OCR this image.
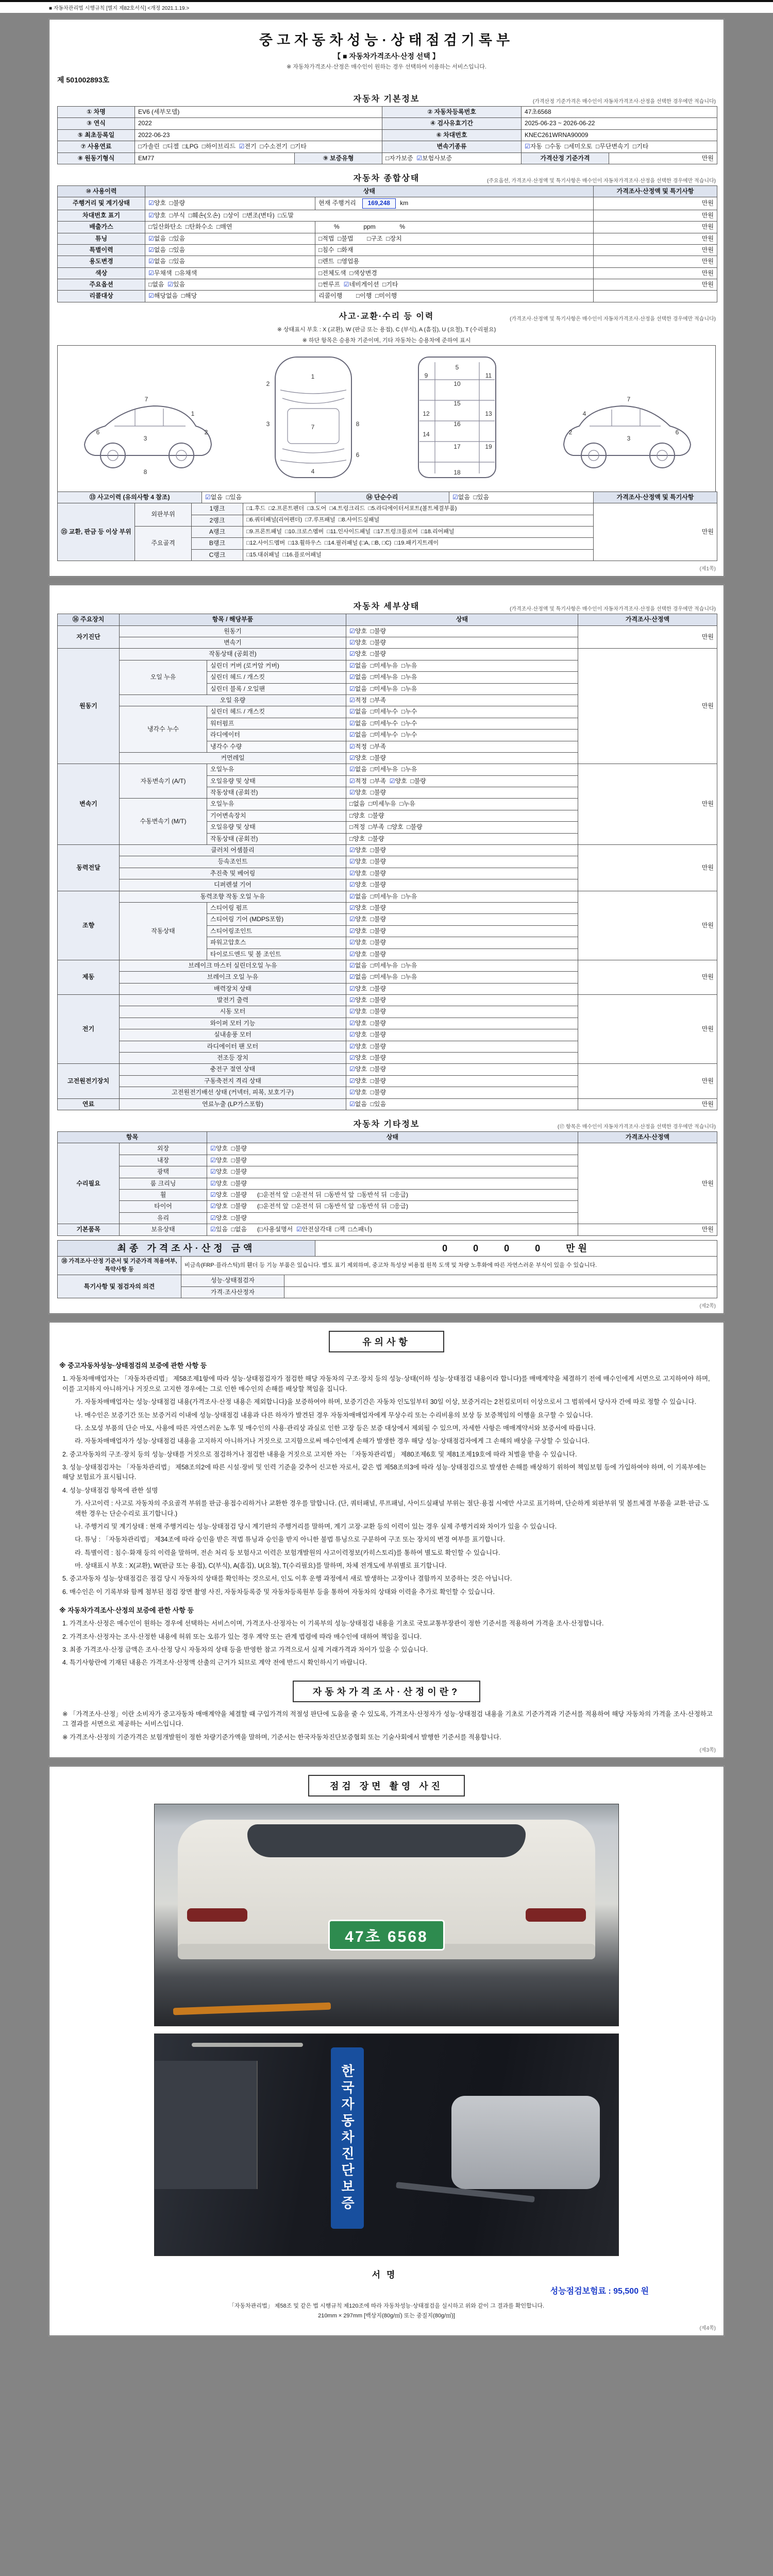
■ 자동차관리법 시행규칙 [별지 제82호서식] <개정 2021.1.19.>
중고자동차성능·상태점검기록부
【 ■ 자동차가격조사·산정 선택 】
※ 자동차가격조사·산정은 매수인이 원하는 경우 선택하여 이용하는 서비스입니다.
제 501002893호
자동차 기본정보	(가격산정 기준가격은 매수인이 자동차가격조사·산정을 선택한 경우에만 적습니다)
① 차명	EV6 (세부모델)		② 자동차등록번호	47초6568	
③ 연식	2022		④ 검사유효기간	2025-06-23 ~ 2026-06-22	
⑤ 최초등록일	2022-06-23		⑥ 차대번호	KNEC261WRNA90009	
⑦ 사용연료	□가솔린  □디젤  □LPG  □하이브리드  ☑전기  □수소전기  □기타		변속기종류	☑자동  □수동  □세미오토  □무단변속기  □기타	
⑧ 원동기형식	EM77	⑨ 보증유형	□자가보증  ☑보험사보증	가격산정 기준가격	만원
자동차 종합상태	(주요옵션, 가격조사·산정액 및 특기사항은 매수인이 자동차가격조사·산정을 선택한 경우에만 적습니다)
⑩ 사용이력	상태		가격조사·산정액 및 특기사항
주행거리 및 계기상태	☑양호  □불량	현재 주행거리  169,248 km	만원
차대번호 표기	☑양호  □부식  □훼손(오손)  □상이  □변조(변타)  □도말		만원
배출가스	□일산화탄소  □탄화수소  □매연	%              ppm              %	만원
튜닝	☑없음  □있음	□적법  □불법        □구조  □장치	만원
특별이력	☑없음  □있음	□침수  □화재	만원
용도변경	☑없음  □있음	□렌트  □영업용	만원
색상	☑무채색  □유채색	□전체도색  □색상변경	만원
주요옵션	□없음  ☑있음	□썬루프  ☑네비게이션  □기타	만원
리콜대상	☑해당없음  □해당	리콜이행        □이행  □미이행	
사고·교환·수리 등 이력	(가격조사·산정액 및 특기사항은 매수인이 자동차가격조사·산정을 선택한 경우에만 적습니다)
※ 상태표시 부호 : X (교환), W (판금 또는 용접), C (부식), A (흠집), U (요철), T (수리필요)
※ 하단 항목은 승용차 기준이며, 기타 자동차는 승용차에 준하여 표시
1
2
3
6
7
8
1
2
3	7
4
6
8
5
9
10
11
15
12	13
14
16
17	19
18
2
3
7
6
4
⑬ 사고이력 (유의사항 4 참조)	☑없음  □있음	⑭ 단순수리	☑없음  □있음	가격조사·산정액 및 특기사항
⑮ 교환, 판금 등 이상 부위	외판부위	1랭크	□1.후드  □2.프론트펜더  □3.도어  □4.트렁크리드  □5.라디에이터서포트(볼트체결부품)	만원
		2랭크	□6.쿼터패널(리어펜더)  □7.루프패널  □8.사이드실패널	
	주요골격	A랭크	□9.프론트패널  □10.크로스멤버  □11.인사이드패널  □17.트렁크플로어  □18.리어패널	
		B랭크	□12.사이드멤버  □13.휠하우스  □14.필러패널 (□A, □B, □C)  □19.패키지트레이	
		C랭크	□15.대쉬패널  □16.플로어패널	
(제1쪽)
자동차 세부상태	(가격조사·산정액 및 특기사항은 매수인이 자동차가격조사·산정을 선택한 경우에만 적습니다)
⑯ 주요장치	항목 / 해당부품		상태	가격조사·산정액
자기진단	원동기		☑양호  □불량	만원
	변속기		☑양호  □불량	
원동기	작동상태 (공회전)		☑양호  □불량	만원
	오일 누유	실린더 커버 (로커암 커버)	☑없음  □미세누유  □누유	
		실린더 헤드 / 개스킷	☑없음  □미세누유  □누유	
		실린더 블록 / 오일팬	☑없음  □미세누유  □누유	
	오일 유량		☑적정  □부족	
	냉각수 누수	실린더 헤드 / 개스킷	☑없음  □미세누수  □누수	
		워터펌프	☑없음  □미세누수  □누수	
		라디에이터	☑없음  □미세누수  □누수	
		냉각수 수량	☑적정  □부족	
	커먼레일		☑양호  □불량	
변속기	자동변속기 (A/T)	오일누유	☑없음  □미세누유  □누유	만원
		오일유량 및 상태	☑적정  □부족  ☑양호  □불량	
		작동상태 (공회전)	☑양호  □불량	
	수동변속기 (M/T)	오일누유	□없음  □미세누유  □누유	
		기어변속장치	□양호  □불량	
		오일유량 및 상태	□적정  □부족  □양호  □불량	
		작동상태 (공회전)	□양호  □불량	
동력전달	클러치 어셈블리		☑양호  □불량	만원
	등속조인트		☑양호  □불량	
	추진축 및 베어링		☑양호  □불량	
	디퍼렌셜 기어		☑양호  □불량	
조향	동력조향 작동 오일 누유		☑없음  □미세누유  □누유	만원
	작동상태	스티어링 펌프	☑양호  □불량	
		스티어링 기어 (MDPS포함)	☑양호  □불량	
		스티어링조인트	☑양호  □불량	
		파워고압호스	☑양호  □불량	
		타이로드엔드 및 볼 조인트	☑양호  □불량	
제동	브레이크 마스터 실린더오일 누유		☑없음  □미세누유  □누유	만원
	브레이크 오일 누유		☑없음  □미세누유  □누유	
	배력장치 상태		☑양호  □불량	
전기	발전기 출력		☑양호  □불량	만원
	시동 모터		☑양호  □불량	
	와이퍼 모터 기능		☑양호  □불량	
	실내송풍 모터		☑양호  □불량	
	라디에이터 팬 모터		☑양호  □불량	
	전조등 장치		☑양호  □불량	
고전원전기장치	충전구 절연 상태		☑양호  □불량	만원
	구동축전지 격리 상태		☑양호  □불량	
	고전원전기배선 상태 (커넥터, 피복, 보호기구)		☑양호  □불량	
연료	연료누출 (LP가스포함)		☑없음  □있음	만원
자동차 기타정보	(⑰ 항목은 매수인이 자동차가격조사·산정을 선택한 경우에만 적습니다)
항목		상태	가격조사·산정액
수리필요	외장	☑양호  □불량	만원
	내장	☑양호  □불량	
	광택	☑양호  □불량	
	룸 크리닝	☑양호  □불량	
	휠	☑양호  □불량      (□운전석 앞  □운전석 뒤  □동반석 앞  □동반석 뒤  □응급)	
	타이어	☑양호  □불량      (□운전석 앞  □운전석 뒤  □동반석 앞  □동반석 뒤  □응급)	
	유리	☑양호  □불량	
기본품목	보유상태	☑있음  □없음      (□사용설명서  ☑안전삼각대  □잭  □스패너)	만원
최종 가격조사·산정 금액	0    0    0    0    만원
⑱ 가격조사·산정 기준서 및 기준가격 적용여부, 특약사항 등	비금속(FRP·플라스틱)의 휀더 등 기능 부품은 있습니다. 별도 표기 제외하며, 중고차 특성상 비용접 원복 도색 및 차량 노후화에 따른 자연스러운 부식이 있을 수 있습니다.
특기사항 및 점검자의 의견	성능·상태점검자	
	가격·조사산정자	
(제2쪽)
유의사항
※ 중고자동차성능·상태점검의 보증에 관한 사항 등
1. 자동차매매업자는 「자동차관리법」 제58조제1항에 따라 성능·상태점검자가 점검한 해당 자동차의 구조·장치 등의 성능·상태(이하 성능·상태점검 내용이라 합니다)를 매매계약을 체결하기 전에 매수인에게 서면으로 고지하여야 하며, 이를 고지하지 아니하거나 거짓으로 고지한 경우에는 그로 인한 매수인의 손해를 배상할 책임을 집니다.
가. 자동차매매업자는 성능·상태점검 내용(가격조사·산정 내용은 제외합니다)을 보증하여야 하며, 보증기간은 자동차 인도일부터 30일 이상, 보증거리는 2천킬로미터 이상으로서 그 범위에서 당사자 간에 따로 정할 수 있습니다.
나. 매수인은 보증기간 또는 보증거리 이내에 성능·상태점검 내용과 다른 하자가 발견된 경우 자동차매매업자에게 무상수리 또는 수리비용의 보상 등 보증책임의 이행을 요구할 수 있습니다.
다. 소모성 부품의 단순 마모, 사용에 따른 자연스러운 노후 및 매수인의 사용·관리상 과실로 인한 고장 등은 보증 대상에서 제외될 수 있으며, 자세한 사항은 매매계약서와 보증서에 따릅니다.
라. 자동차매매업자가 성능·상태점검 내용을 고지하지 아니하거나 거짓으로 고지함으로써 매수인에게 손해가 발생한 경우 해당 성능·상태점검자에게 그 손해의 배상을 구상할 수 있습니다.
2. 중고자동차의 구조·장치 등의 성능·상태를 거짓으로 점검하거나 점검한 내용을 거짓으로 고지한 자는 「자동차관리법」 제80조제6호 및 제81조제19호에 따라 처벌을 받을 수 있습니다.
3. 성능·상태점검자는 「자동차관리법」 제58조의2에 따른 시설·장비 및 인력 기준을 갖추어 신고한 자로서, 같은 법 제58조의3에 따라 성능·상태점검으로 발생한 손해를 배상하기 위하여 책임보험 등에 가입하여야 하며, 이 기록부에는 해당 보험료가 표시됩니다.
4. 성능·상태점검 항목에 관한 설명
가. 사고이력 : 사고로 자동차의 주요골격 부위를 판금·용접수리하거나 교환한 경우를 말합니다. (단, 쿼터패널, 루프패널, 사이드실패널 부위는 절단·용접 시에만 사고로 표기하며, 단순하게 외판부위 및 볼트체결 부품을 교환·판금·도색한 경우는 단순수리로 표기합니다.)
나. 주행거리 및 계기상태 : 현재 주행거리는 성능·상태점검 당시 계기판의 주행거리를 말하며, 계기 고장·교환 등의 이력이 있는 경우 실제 주행거리와 차이가 있을 수 있습니다.
다. 튜닝 : 「자동차관리법」 제34조에 따라 승인을 받은 적법 튜닝과 승인을 받지 아니한 불법 튜닝으로 구분하여 구조 또는 장치의 변경 여부를 표기합니다.
라. 특별이력 : 침수·화재 등의 이력을 말하며, 전손 처리 등 보험사고 이력은 보험개발원의 사고이력정보(카히스토리)를 통하여 별도로 확인할 수 있습니다.
마. 상태표시 부호 : X(교환), W(판금 또는 용접), C(부식), A(흠집), U(요철), T(수리필요)를 말하며, 차체 전개도에 부위별로 표기합니다.
5. 중고자동차 성능·상태점검은 점검 당시 자동차의 상태를 확인하는 것으로서, 인도 이후 운행 과정에서 새로 발생하는 고장이나 결함까지 보증하는 것은 아닙니다.
6. 매수인은 이 기록부와 함께 첨부된 점검 장면 촬영 사진, 자동차등록증 및 자동차등록원부 등을 통하여 자동차의 상태와 이력을 추가로 확인할 수 있습니다.
※ 자동차가격조사·산정의 보증에 관한 사항 등
1. 가격조사·산정은 매수인이 원하는 경우에 선택하는 서비스이며, 가격조사·산정자는 이 기록부의 성능·상태점검 내용을 기초로 국토교통부장관이 정한 기준서를 적용하여 가격을 조사·산정합니다.
2. 가격조사·산정자는 조사·산정한 내용에 허위 또는 오류가 있는 경우 계약 또는 관계 법령에 따라 매수인에 대하여 책임을 집니다.
3. 최종 가격조사·산정 금액은 조사·산정 당시 자동차의 상태 등을 반영한 참고 가격으로서 실제 거래가격과 차이가 있을 수 있습니다.
4. 특기사항란에 기재된 내용은 가격조사·산정액 산출의 근거가 되므로 계약 전에 반드시 확인하시기 바랍니다.
자동차가격조사·산정이란?
※ 「가격조사·산정」이란 소비자가 중고자동차 매매계약을 체결할 때 구입가격의 적절성 판단에 도움을 줄 수 있도록, 가격조사·산정자가 성능·상태점검 내용을 기초로 기준가격과 기준서를 적용하여 해당 자동차의 가격을 조사·산정하고 그 결과를 서면으로 제공하는 서비스입니다.
※ 가격조사·산정의 기준가격은 보험개발원이 정한 차량기준가액을 말하며, 기준서는 한국자동차진단보증협회 또는 기술사회에서 발행한 기준서를 적용합니다.
(제3쪽)
점검 장면 촬영 사진
47초 6568
한국자동차진단보증
서명
성능점검보험료 : 95,500 원
「자동차관리법」 제58조 및 같은 법 시행규칙 제120조에 따라 자동차성능·상태점검을 실시하고 위와 같이 그 결과를 확인합니다.
210mm × 297mm [백상지(80g/㎡) 또는 중질지(80g/㎡)]
(제4쪽)
